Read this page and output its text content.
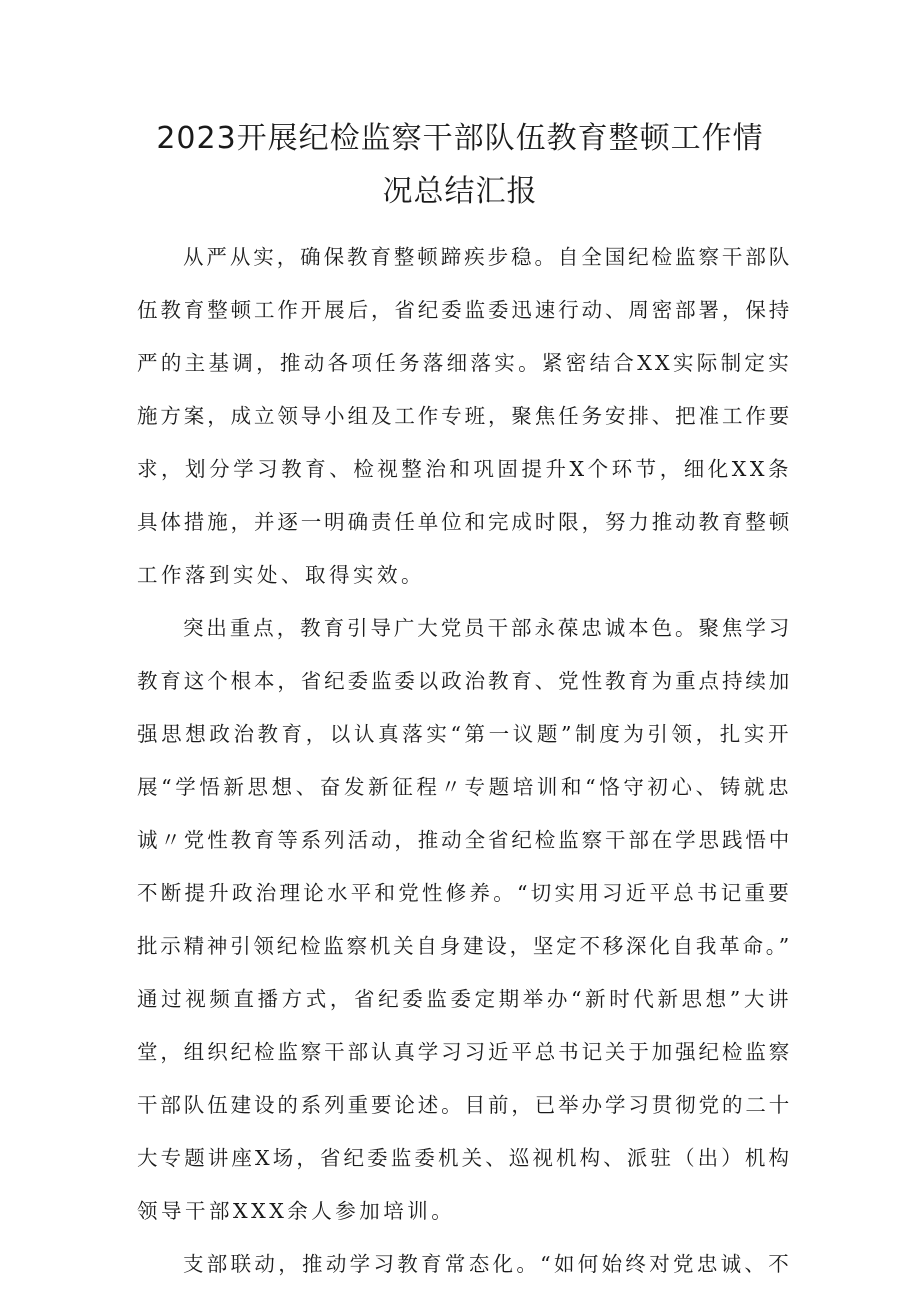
2023开展纪检监察干部队伍教育整顿工作情
况总结汇报

从严从实，确保教育整顿蹄疾步稳。自全国纪检监察干部队

伍教育整顿工作开展后，省纪委监委迅速行动、周密部署，保持

严的主基调，推动各项任务落细落实。紧密结合XX实际制定实

施方案，成立领导小组及工作专班，聚焦任务安排、把准工作要

求，划分学习教育、检视整治和巩固提升X个环节，细化XX条

具体措施，并逐一明确责任单位和完成时限，努力推动教育整顿

工作落到实处、取得实效。

突出重点，教育引导广大党员干部永葆忠诚本色。聚焦学习

教育这个根本，省纪委监委以政治教育、党性教育为重点持续加

强思想政治教育，以认真落实“第一议题”制度为引领，扎实开

展“学悟新思想、奋发新征程〃专题培训和“恪守初心、铸就忠

诚〃党性教育等系列活动，推动全省纪检监察干部在学思践悟中

不断提升政治理论水平和党性修养。“切实用习近平总书记重要

批示精神引领纪检监察机关自身建设，坚定不移深化自我革命。”

通过视频直播方式，省纪委监委定期举办“新时代新思想”大讲

堂，组织纪检监察干部认真学习习近平总书记关于加强纪检监察

干部队伍建设的系列重要论述。目前，已举办学习贯彻党的二十

大专题讲座X场，省纪委监委机关、巡视机构、派驻（出）机构

领导干部XXX余人参加培训。

支部联动，推动学习教育常态化。“如何始终对党忠诚、不
